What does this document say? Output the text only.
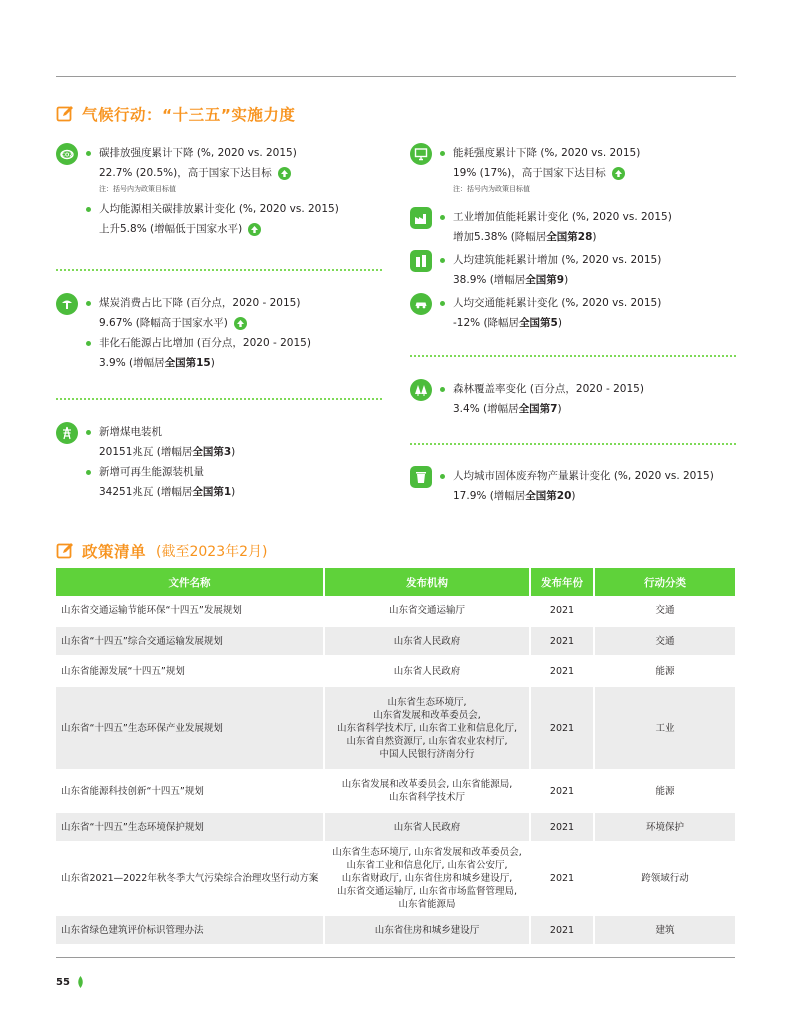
气候行动：“十三五”实施力度
CO2	碳排放强度累计下降 (%, 2020 vs. 2015)
22.7% (20.5%)，高于国家下达目标
注：括号内为政策目标值
人均能源相关碳排放累计变化 (%, 2020 vs. 2015)
上升5.8% (增幅低于国家水平)
煤炭消费占比下降 (百分点，2020 - 2015)
9.67% (降幅高于国家水平)
非化石能源占比增加 (百分点，2020 - 2015)
3.9% (增幅居 全国第15 )
新增煤电装机
20151兆瓦 (增幅居 全国第3 )
新增可再生能源装机量
34251兆瓦 (增幅居 全国第1 )
能耗强度累计下降 (%, 2020 vs. 2015)
19% (17%)，高于国家下达目标
注：括号内为政策目标值
工业增加值能耗累计变化 (%, 2020 vs. 2015)
增加5.38% (降幅居 全国第28 )
人均建筑能耗累计增加 (%, 2020 vs. 2015)
38.9% (增幅居 全国第9 )
人均交通能耗累计变化 (%, 2020 vs. 2015)
-12% (降幅居 全国第5 )
森林覆盖率变化 (百分点，2020 - 2015)
3.4% (增幅居 全国第7 )
人均城市固体废弃物产量累计变化 (%, 2020 vs. 2015)
17.9% (增幅居 全国第20 )
政策清单 (截至2023年2月)
文件名称	发布机构	发布年份	行动分类
山东省交通运输节能环保“十四五”发展规划	山东省交通运输厅	2021	交通
山东省“十四五”综合交通运输发展规划	山东省人民政府	2021	交通
山东省能源发展“十四五”规划	山东省人民政府	2021	能源
山东省“十四五”生态环保产业发展规划	山东省生态环境厅,
山东省发展和改革委员会,
山东省科学技术厅, 山东省工业和信息化厅,
山东省自然资源厅, 山东省农业农村厅,
中国人民银行济南分行	2021	工业
山东省能源科技创新“十四五”规划	山东省发展和改革委员会, 山东省能源局,
山东省科学技术厅	2021	能源
山东省“十四五”生态环境保护规划	山东省人民政府	2021	环境保护
山东省2021—2022年秋冬季大气污染综合治理攻坚行动方案	山东省生态环境厅, 山东省发展和改革委员会,
山东省工业和信息化厅, 山东省公安厅,
山东省财政厅, 山东省住房和城乡建设厅,
山东省交通运输厅, 山东省市场监督管理局,
山东省能源局	2021	跨领域行动
山东省绿色建筑评价标识管理办法	山东省住房和城乡建设厅	2021	建筑
55
